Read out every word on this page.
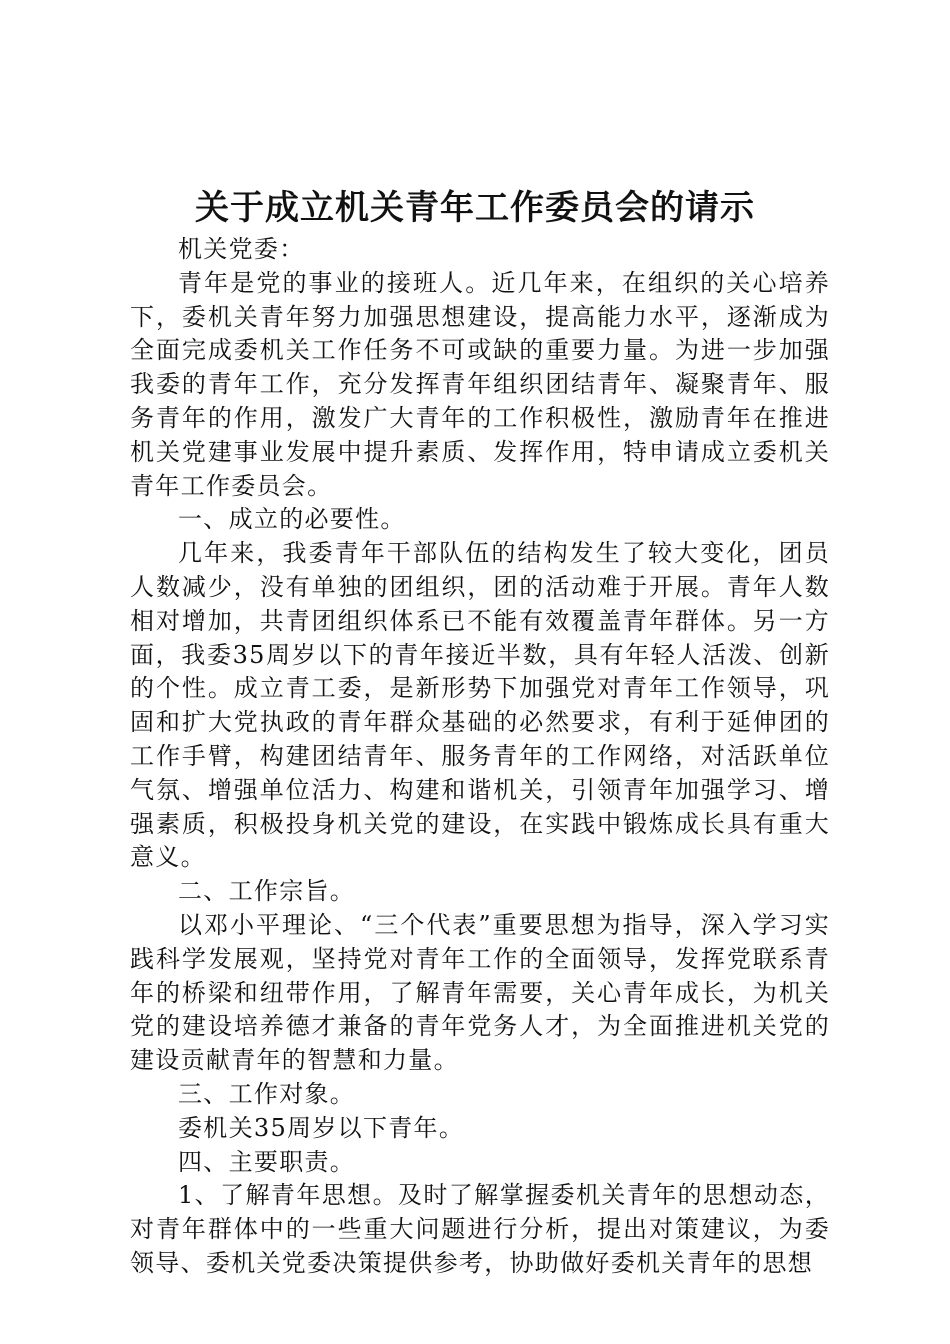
关于成立机关青年工作委员会的请示

机关党委：

青年是党的事业的接班人。近几年来，在组织的关心培养下，委机关青年努力加强思想建设，提高能力水平，逐渐成为全面完成委机关工作任务不可或缺的重要力量。为进一步加强我委的青年工作，充分发挥青年组织团结青年、凝聚青年、服务青年的作用，激发广大青年的工作积极性，激励青年在推进机关党建事业发展中提升素质、发挥作用，特申请成立委机关青年工作委员会。

一、成立的必要性。

几年来，我委青年干部队伍的结构发生了较大变化，团员人数减少，没有单独的团组织，团的活动难于开展。青年人数相对增加，共青团组织体系已不能有效覆盖青年群体。另一方面，我委35周岁以下的青年接近半数，具有年轻人活泼、创新的个性。成立青工委，是新形势下加强党对青年工作领导，巩固和扩大党执政的青年群众基础的必然要求，有利于延伸团的工作手臂，构建团结青年、服务青年的工作网络，对活跃单位气氛、增强单位活力、构建和谐机关，引领青年加强学习、增强素质，积极投身机关党的建设，在实践中锻炼成长具有重大意义。

二、工作宗旨。

以邓小平理论、“三个代表”重要思想为指导，深入学习实践科学发展观，坚持党对青年工作的全面领导，发挥党联系青年的桥梁和纽带作用，了解青年需要，关心青年成长，为机关党的建设培养德才兼备的青年党务人才，为全面推进机关党的建设贡献青年的智慧和力量。

三、工作对象。

委机关35周岁以下青年。

四、主要职责。

1、了解青年思想。及时了解掌握委机关青年的思想动态，对青年群体中的一些重大问题进行分析，提出对策建议，为委领导、委机关党委决策提供参考，协助做好委机关青年的思想
